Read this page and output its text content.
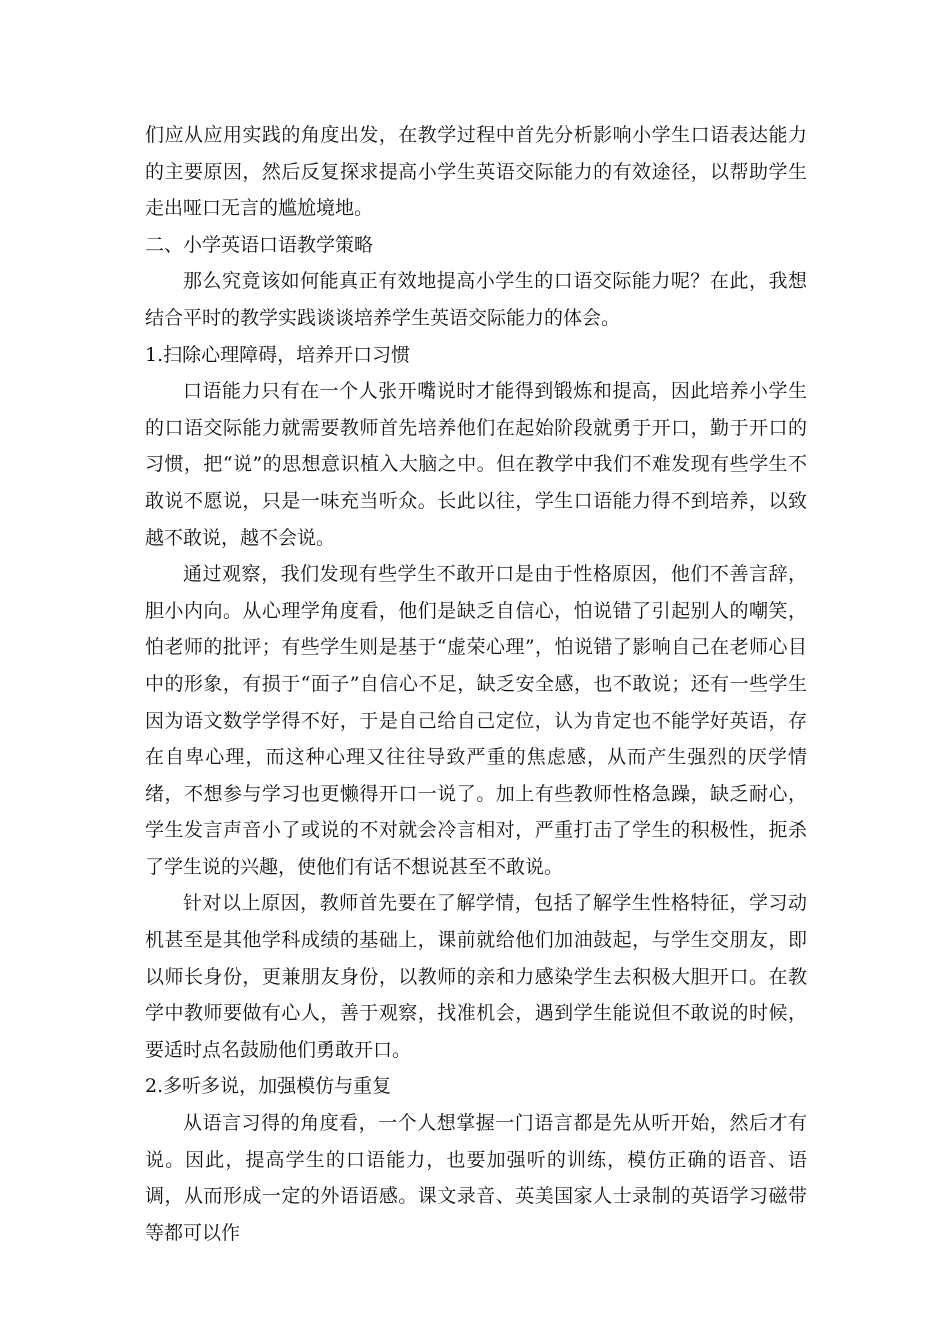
们应从应用实践的角度出发，在教学过程中首先分析影响小学生口语表达能力的主要原因，然后反复探求提高小学生英语交际能力的有效途径，以帮助学生走出哑口无言的尴尬境地。

二、小学英语口语教学策略

那么究竟该如何能真正有效地提高小学生的口语交际能力呢？在此，我想结合平时的教学实践谈谈培养学生英语交际能力的体会。

1.扫除心理障碍，培养开口习惯

口语能力只有在一个人张开嘴说时才能得到锻炼和提高，因此培养小学生的口语交际能力就需要教师首先培养他们在起始阶段就勇于开口，勤于开口的习惯，把“说”的思想意识植入大脑之中。但在教学中我们不难发现有些学生不敢说不愿说，只是一味充当听众。长此以往，学生口语能力得不到培养，以致越不敢说，越不会说。

通过观察，我们发现有些学生不敢开口是由于性格原因，他们不善言辞，胆小内向。从心理学角度看，他们是缺乏自信心，怕说错了引起别人的嘲笑，怕老师的批评；有些学生则是基于“虚荣心理”，怕说错了影响自己在老师心目中的形象，有损于“面子”自信心不足，缺乏安全感，也不敢说；还有一些学生因为语文数学学得不好，于是自己给自己定位，认为肯定也不能学好英语，存在自卑心理，而这种心理又往往导致严重的焦虑感，从而产生强烈的厌学情绪，不想参与学习也更懒得开口一说了。加上有些教师性格急躁，缺乏耐心，学生发言声音小了或说的不对就会冷言相对，严重打击了学生的积极性，扼杀了学生说的兴趣，使他们有话不想说甚至不敢说。

针对以上原因，教师首先要在了解学情，包括了解学生性格特征，学习动机甚至是其他学科成绩的基础上，课前就给他们加油鼓起，与学生交朋友，即以师长身份，更兼朋友身份，以教师的亲和力感染学生去积极大胆开口。在教学中教师要做有心人，善于观察，找准机会，遇到学生能说但不敢说的时候，要适时点名鼓励他们勇敢开口。

2.多听多说，加强模仿与重复

从语言习得的角度看，一个人想掌握一门语言都是先从听开始，然后才有说。因此，提高学生的口语能力，也要加强听的训练，模仿正确的语音、语调，从而形成一定的外语语感。课文录音、英美国家人士录制的英语学习磁带等都可以作
